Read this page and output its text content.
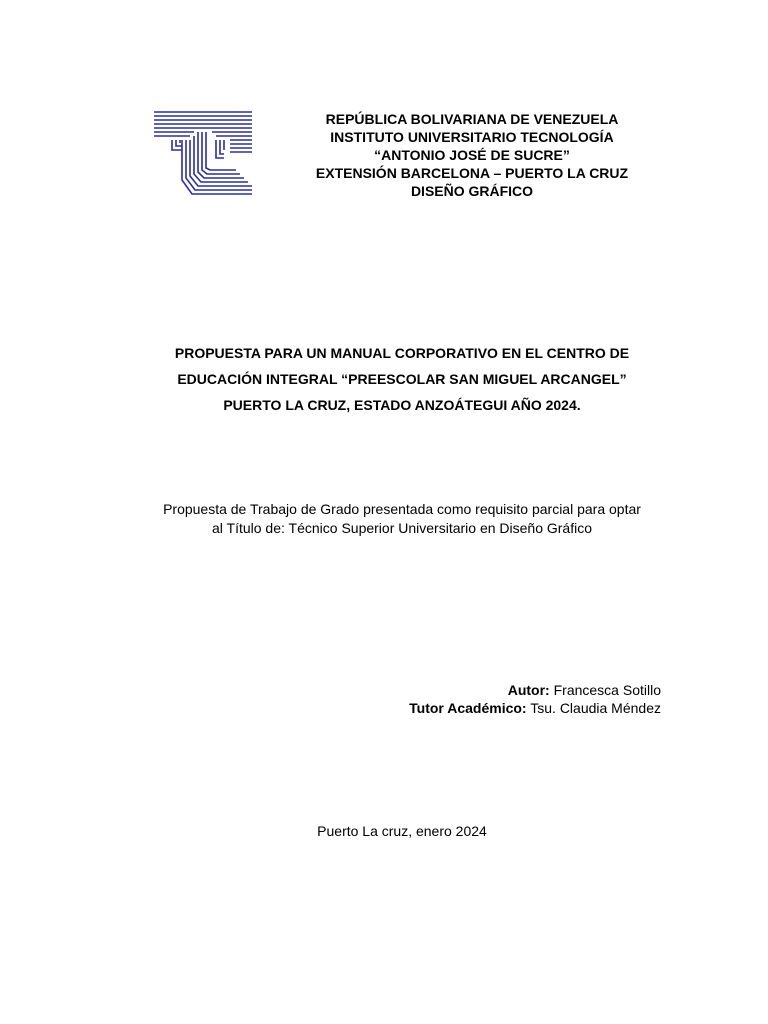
REPÚBLICA BOLIVARIANA DE VENEZUELA
INSTITUTO UNIVERSITARIO TECNOLOGÍA
“ANTONIO JOSÉ DE SUCRE”
EXTENSIÓN BARCELONA – PUERTO LA CRUZ
DISEÑO GRÁFICO
PROPUESTA PARA UN MANUAL CORPORATIVO EN EL CENTRO DE
EDUCACIÓN INTEGRAL “PREESCOLAR SAN MIGUEL ARCANGEL”
PUERTO LA CRUZ, ESTADO ANZOÁTEGUI AÑO 2024.
Propuesta de Trabajo de Grado presentada como requisito parcial para optar
al Título de: Técnico Superior Universitario en Diseño Gráfico
Autor: Francesca Sotillo
Tutor Académico: Tsu. Claudia Méndez
Puerto La cruz, enero 2024
